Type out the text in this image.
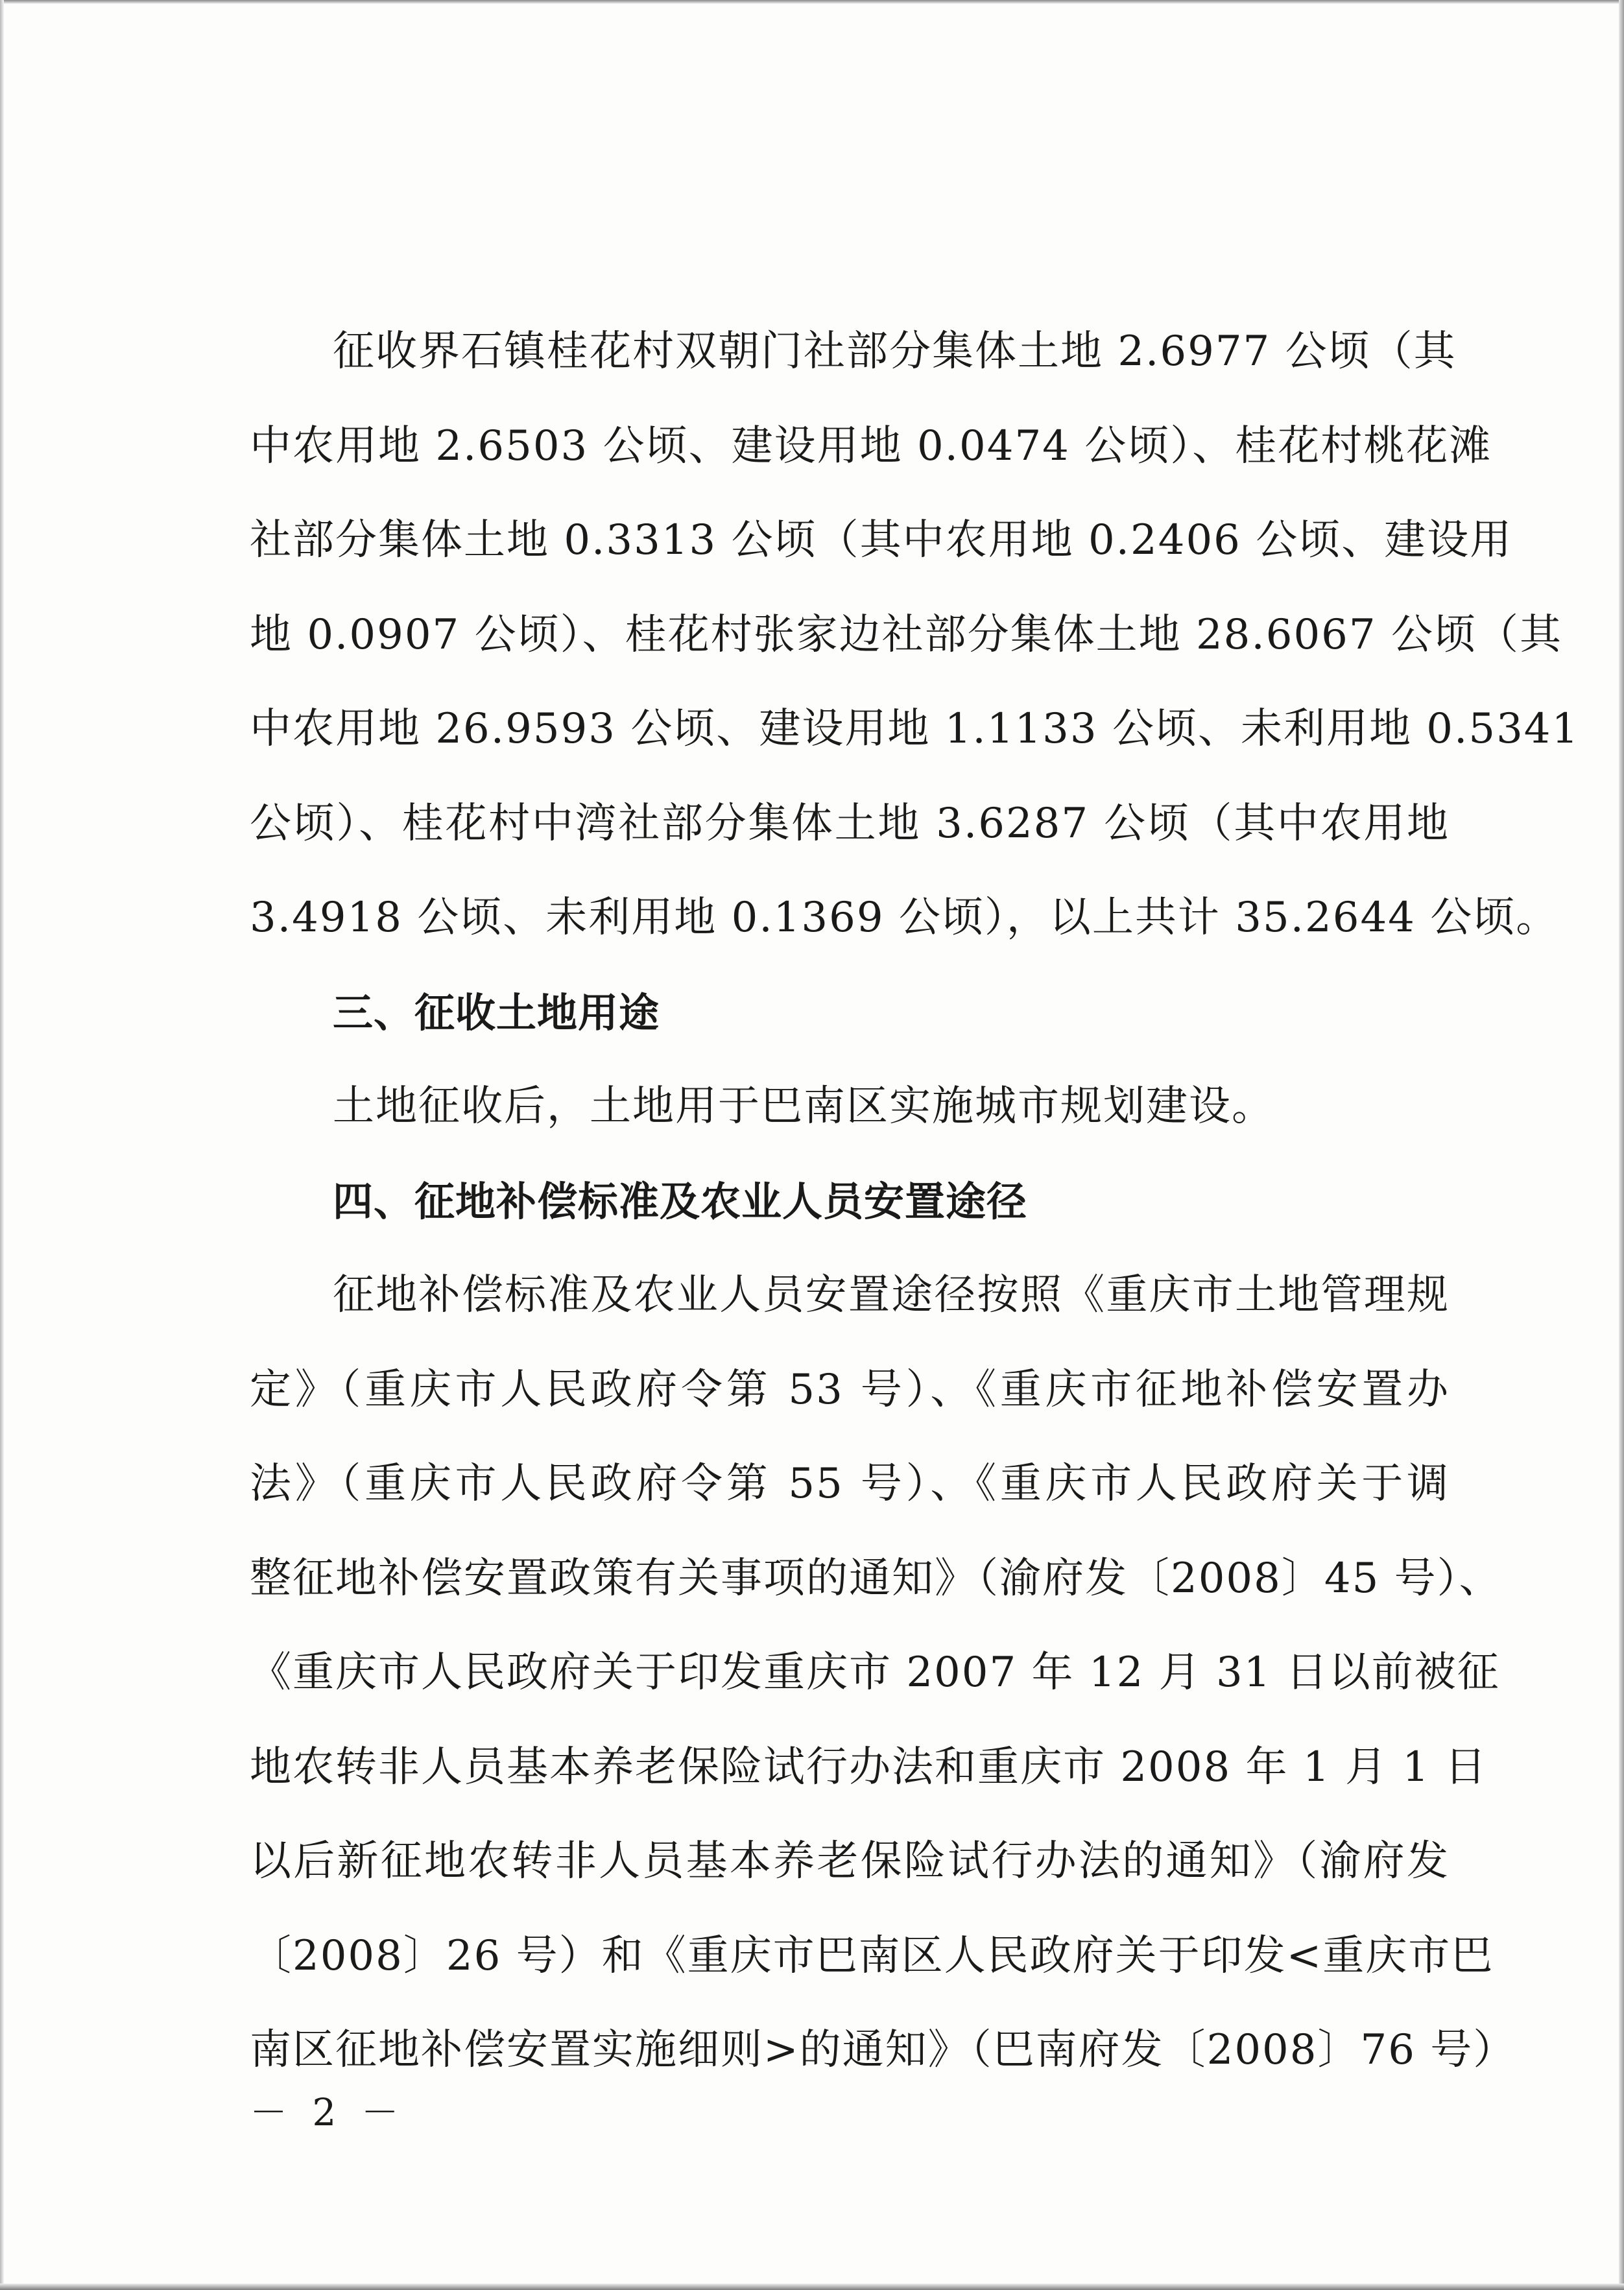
征收界石镇桂花村双朝门社部分集体土地 2.6977 公顷（其
中农用地 2.6503 公顷、建设用地 0.0474 公顷）、桂花村桃花滩
社部分集体土地 0.3313 公顷（其中农用地 0.2406 公顷、建设用
地 0.0907 公顷）、桂花村张家边社部分集体土地 28.6067 公顷（其
中农用地 26.9593 公顷、建设用地 1.1133 公顷、未利用地 0.5341
公顷）、桂花村中湾社部分集体土地 3.6287 公顷（其中农用地
3.4918 公顷、未利用地 0.1369 公顷），以上共计 35.2644 公顷。
三、征收土地用途
土地征收后，土地用于巴南区实施城市规划建设。
四、征地补偿标准及农业人员安置途径
征地补偿标准及农业人员安置途径按照《重庆市土地管理规
定》（重庆市人民政府令第 53 号）、《重庆市征地补偿安置办
法》（重庆市人民政府令第 55 号）、《重庆市人民政府关于调
整征地补偿安置政策有关事项的通知》（渝府发〔2008〕45 号）、
《重庆市人民政府关于印发重庆市 2007 年 12 月 31 日以前被征
地农转非人员基本养老保险试行办法和重庆市 2008 年 1 月 1 日
以后新征地农转非人员基本养老保险试行办法的通知》（渝府发
〔2008〕26 号）和《重庆市巴南区人民政府关于印发<重庆市巴
南区征地补偿安置实施细则>的通知》（巴南府发〔2008〕76 号）
－ 2 －
